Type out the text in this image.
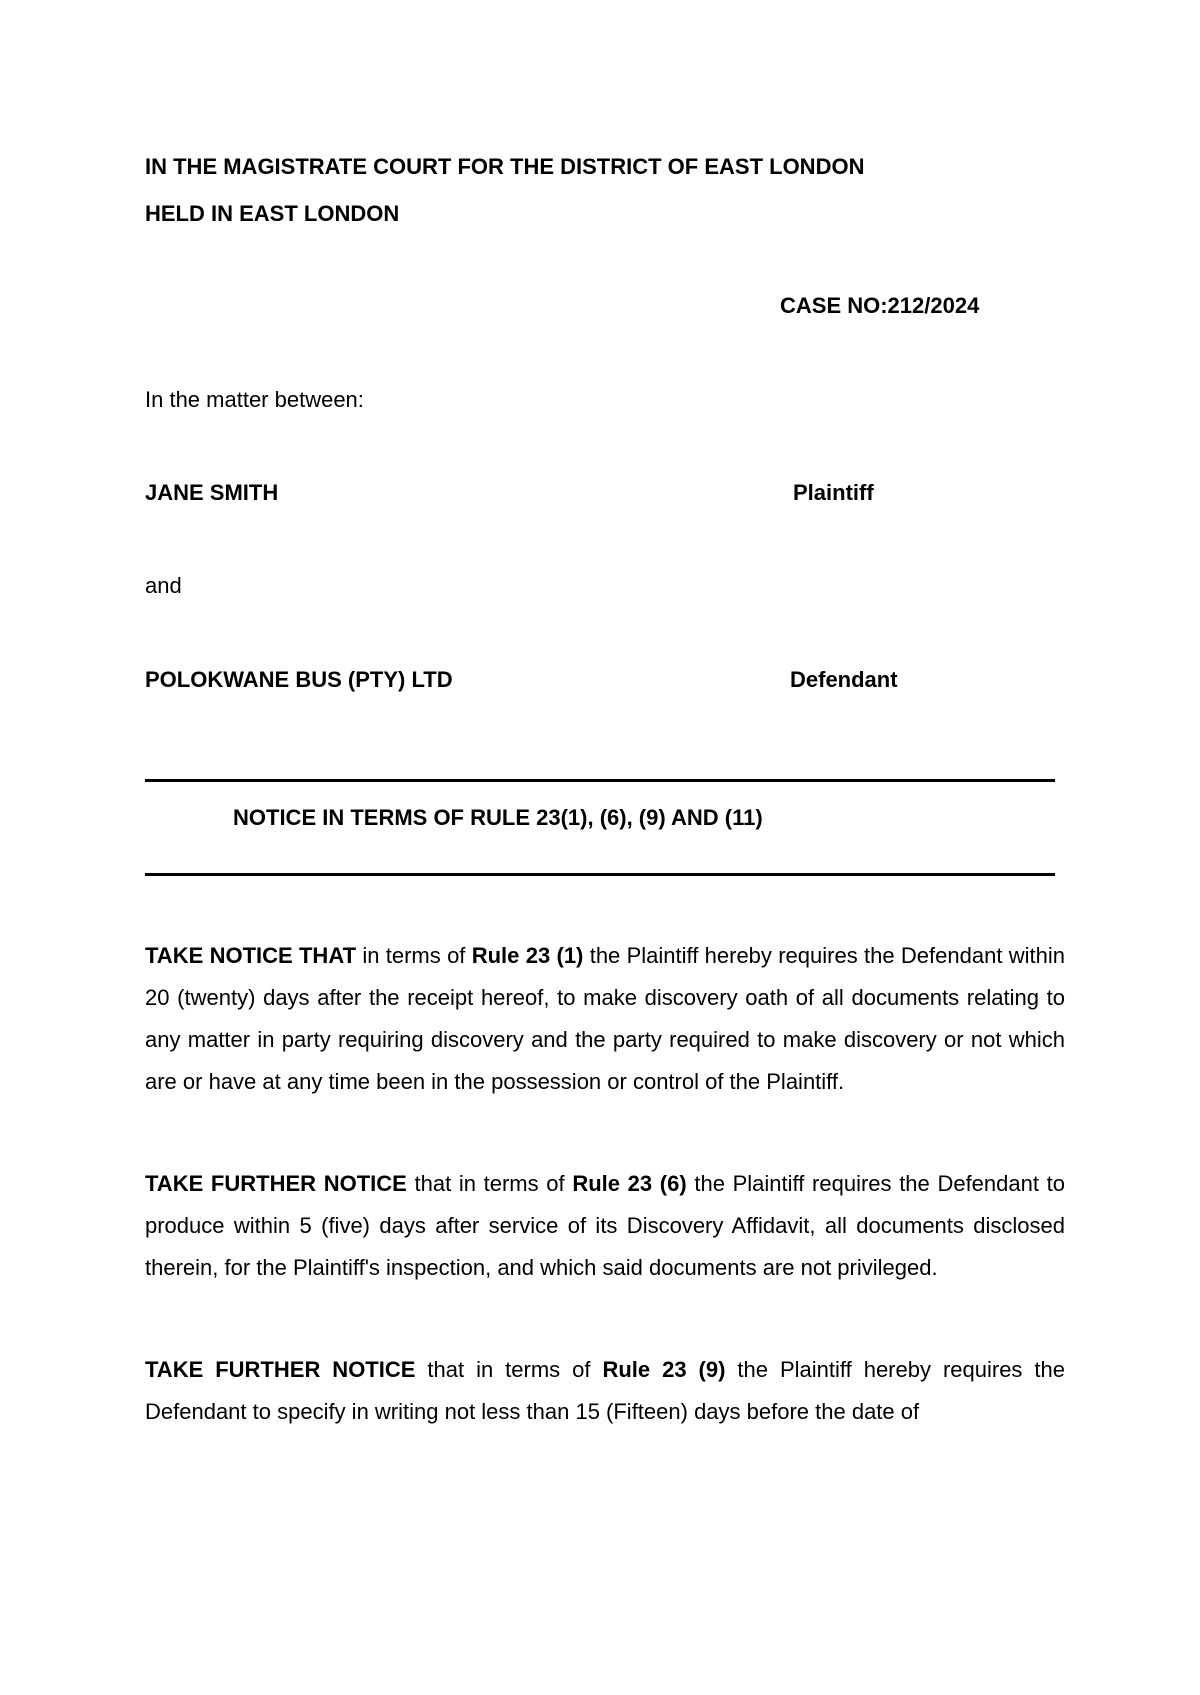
IN THE MAGISTRATE COURT FOR THE DISTRICT OF EAST LONDON
HELD IN EAST LONDON
CASE NO:212/2024
In the matter between:
JANE SMITH	Plaintiff
and
POLOKWANE BUS (PTY) LTD	Defendant
NOTICE IN TERMS OF RULE 23(1), (6), (9) AND (11)
TAKE NOTICE THAT in terms of Rule 23 (1) the Plaintiff hereby requires the Defendant within 20 (twenty) days after the receipt hereof, to make discovery oath of all documents relating to any matter in party requiring discovery and the party required to make discovery or not which are or have at any time been in the possession or control of the Plaintiff.
TAKE FURTHER NOTICE that in terms of Rule 23 (6) the Plaintiff requires the Defendant to produce within 5 (five) days after service of its Discovery Affidavit, all documents disclosed therein, for the Plaintiff's inspection, and which said documents are not privileged.
TAKE FURTHER NOTICE that in terms of Rule 23 (9) the Plaintiff hereby requires the Defendant to specify in writing not less than 15 (Fifteen) days before the date of
